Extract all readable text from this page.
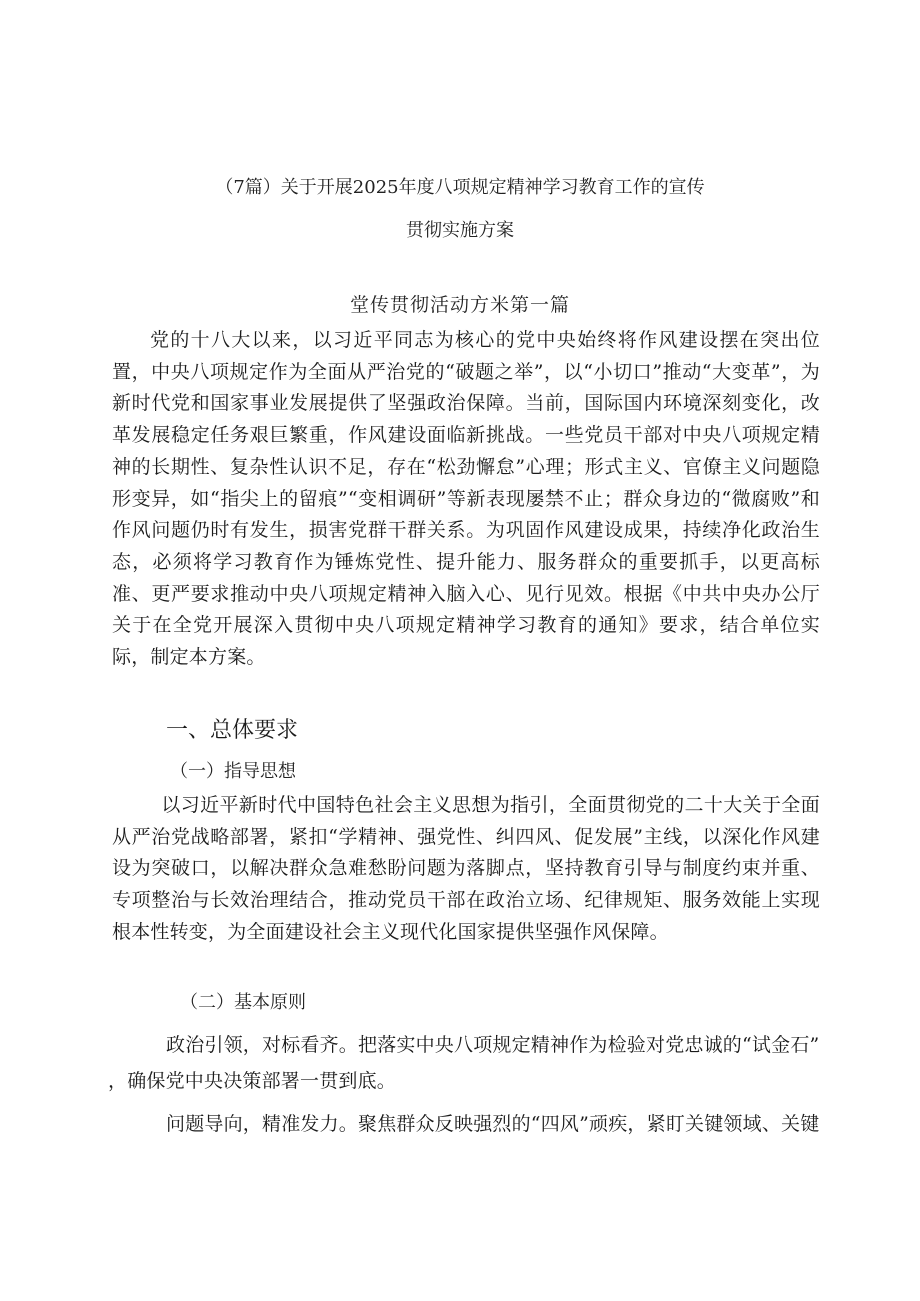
（7篇）关于开展2025年度八项规定精神学习教育工作的宣传
贯彻实施方案
堂传贯彻活动方米第一篇

党的十八大以来，以习近平同志为核心的党中央始终将作风建设摆在突出位置，中央八项规定作为全面从严治党的“破题之举”，以“小切口”推动“大变革”，为新时代党和国家事业发展提供了坚强政治保障。当前，国际国内环境深刻变化，改革发展稳定任务艰巨繁重，作风建设面临新挑战。一些党员干部对中央八项规定精神的长期性、复杂性认识不足，存在“松劲懈怠”心理；形式主义、官僚主义问题隐形变异，如“指尖上的留痕”“变相调研”等新表现屡禁不止；群众身边的“微腐败”和作风问题仍时有发生，损害党群干群关系。为巩固作风建设成果，持续净化政治生态，必须将学习教育作为锤炼党性、提升能力、服务群众的重要抓手，以更高标准、更严要求推动中央八项规定精神入脑入心、见行见效。根据《中共中央办公厅关于在全党开展深入贯彻中央八项规定精神学习教育的通知》要求，结合单位实际，制定本方案。

一、总体要求
（一）指导思想

以习近平新时代中国特色社会主义思想为指引，全面贯彻党的二十大关于全面从严治党战略部署，紧扣“学精神、强党性、纠四风、促发展”主线，以深化作风建设为突破口，以解决群众急难愁盼问题为落脚点，坚持教育引导与制度约束并重、专项整治与长效治理结合，推动党员干部在政治立场、纪律规矩、服务效能上实现根本性转变，为全面建设社会主义现代化国家提供坚强作风保障。

（二）基本原则
政治引领，对标看齐。把落实中央八项规定精神作为检验对党忠诚的“试金石”
，确保党中央决策部署一贯到底。
问题导向，精准发力。聚焦群众反映强烈的“四风”顽疾，紧盯关键领域、关键
